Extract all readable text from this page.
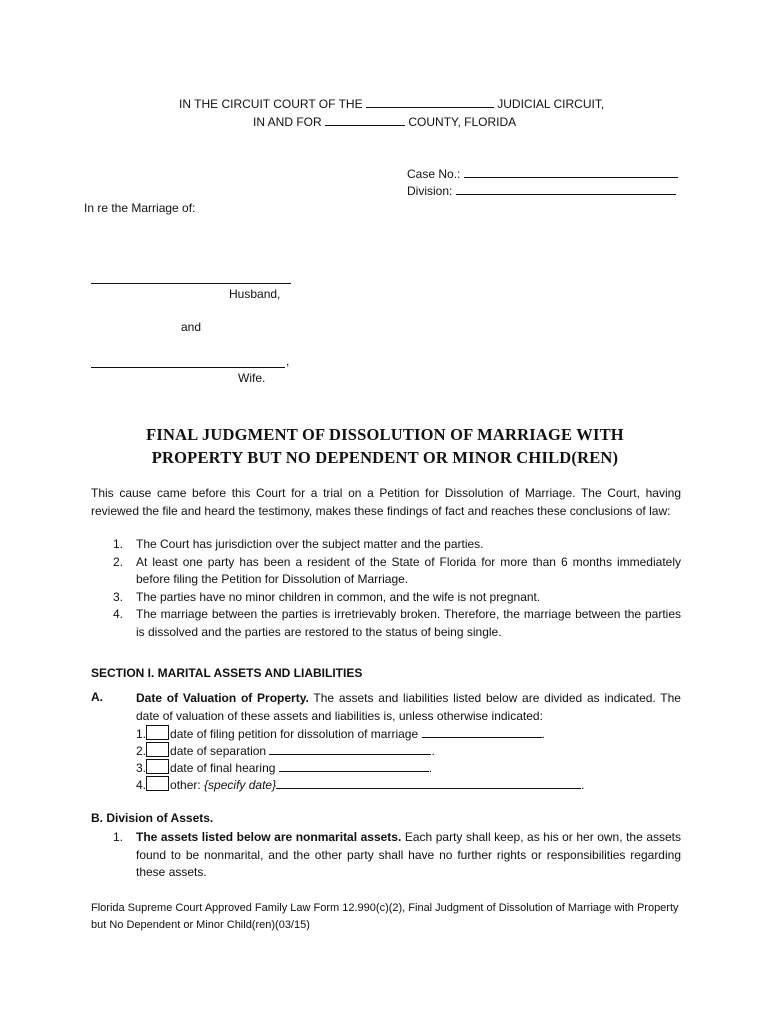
IN THE CIRCUIT COURT OF THE	JUDICIAL CIRCUIT,
IN AND FOR	COUNTY, FLORIDA
Case No.:
Division:
In re the Marriage of:
Husband,
and
,
Wife.
FINAL JUDGMENT OF DISSOLUTION OF MARRIAGE WITH
PROPERTY BUT NO DEPENDENT OR MINOR CHILD(REN)
This cause came before this Court for a trial on a Petition for Dissolution of Marriage. The Court, having reviewed the file and heard the testimony, makes these findings of fact and reaches these conclusions of law:
1. The Court has jurisdiction over the subject matter and the parties.
2. At least one party has been a resident of the State of Florida for more than 6 months immediately before filing the Petition for Dissolution of Marriage.
3. The parties have no minor children in common, and the wife is not pregnant.
4. The marriage between the parties is irretrievably broken. Therefore, the marriage between the parties is dissolved and the parties are restored to the status of being single.
SECTION I. MARITAL ASSETS AND LIABILITIES
A.	Date of Valuation of Property. The assets and liabilities listed below are divided as indicated. The date of valuation of these assets and liabilities is, unless otherwise indicated:
1. date of filing petition for dissolution of marriage	.
2. date of separation	.
3. date of final hearing	.
4. other: {specify date}	.
B. Division of Assets.
1. The assets listed below are nonmarital assets. Each party shall keep, as his or her own, the assets found to be nonmarital, and the other party shall have no further rights or responsibilities regarding these assets.
Florida Supreme Court Approved Family Law Form 12.990(c)(2), Final Judgment of Dissolution of Marriage with Property but No Dependent or Minor Child(ren)(03/15)
